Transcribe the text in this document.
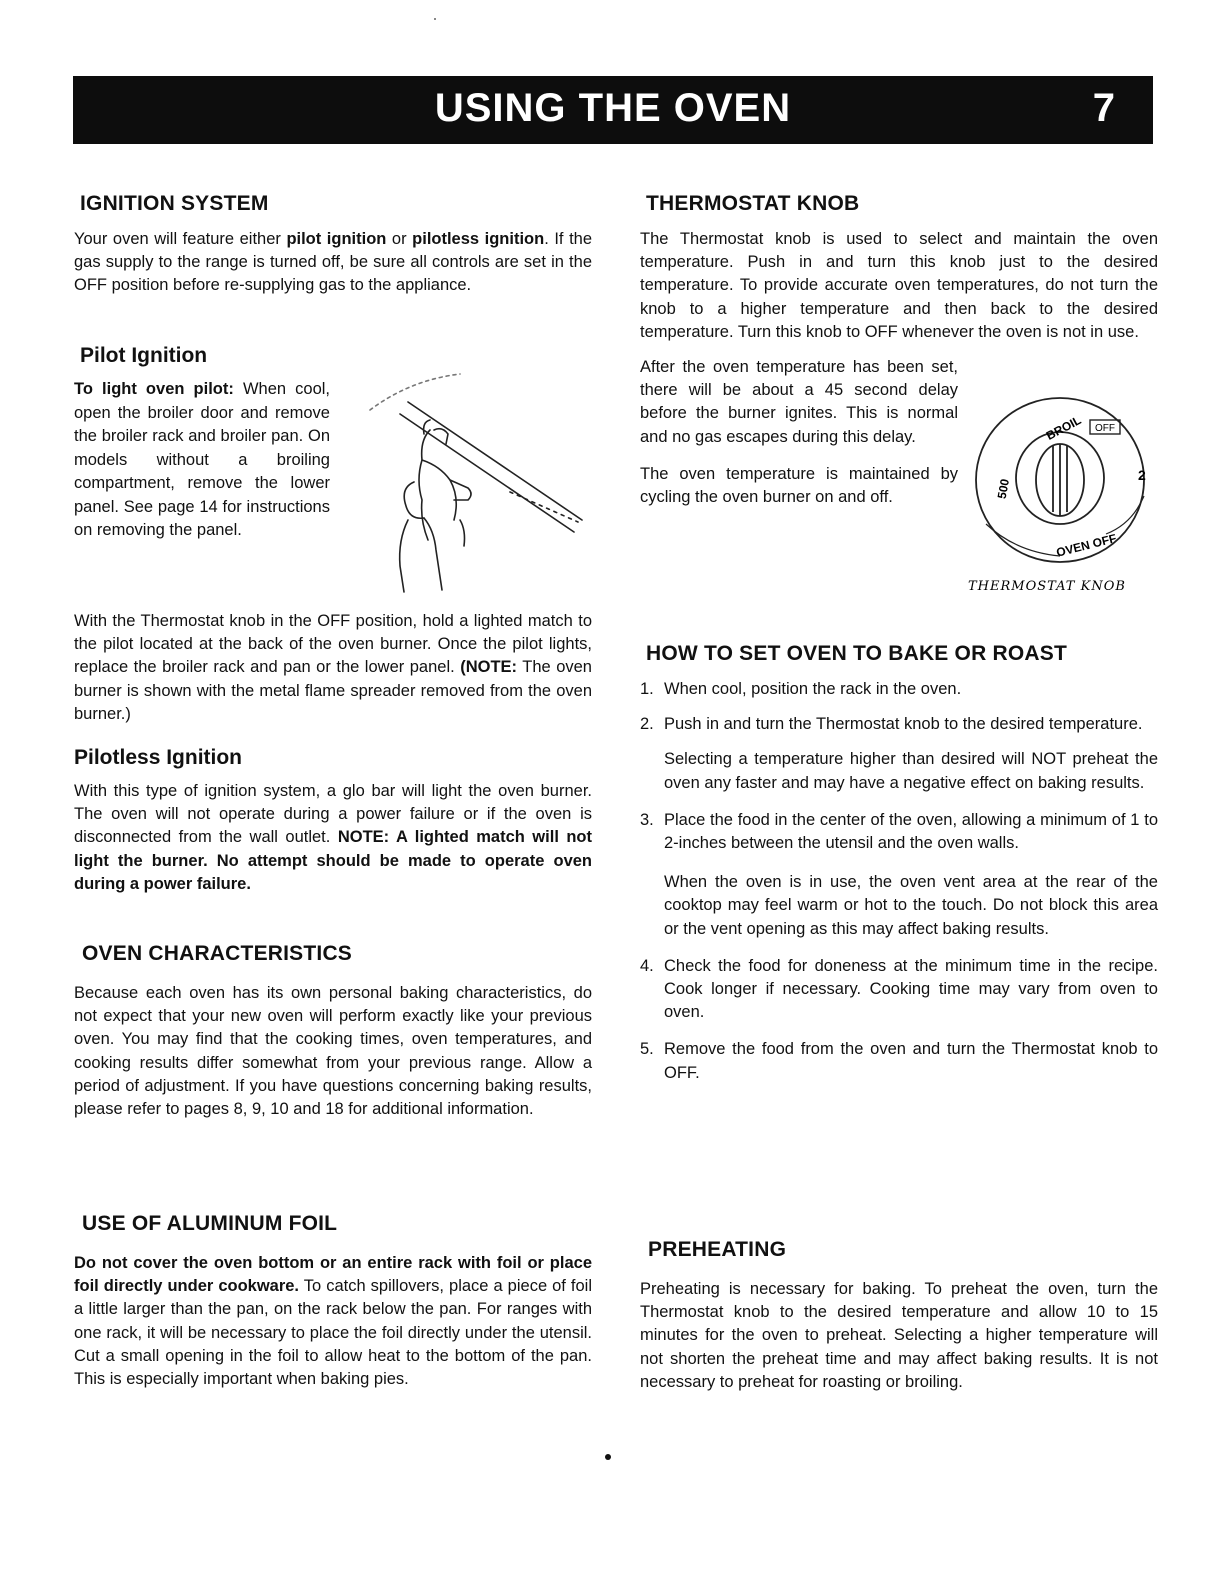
USING THE OVEN	7
IGNITION SYSTEM

Your oven will feature either pilot ignition or pilotless ignition. If the gas supply to the range is turned off, be sure all controls are set in the OFF position before re-supplying gas to the appliance.

Pilot Ignition

To light oven pilot: When cool, open the broiler door and remove the broiler rack and broiler pan. On models without a broiling compartment, remove the lower panel. See page 14 for instructions on removing the panel.

With the Thermostat knob in the OFF position, hold a lighted match to the pilot located at the back of the oven burner. Once the pilot lights, replace the broiler rack and pan or the lower panel. (NOTE: The oven burner is shown with the metal flame spreader removed from the oven burner.)

Pilotless Ignition

With this type of ignition system, a glo bar will light the oven burner. The oven will not operate during a power failure or if the oven is disconnected from the wall outlet. NOTE: A lighted match will not light the burner. No attempt should be made to operate oven during a power failure.

OVEN CHARACTERISTICS

Because each oven has its own personal baking characteristics, do not expect that your new oven will perform exactly like your previous oven. You may find that the cooking times, oven temperatures, and cooking results differ somewhat from your previous range. Allow a period of adjustment. If you have questions concerning baking results, please refer to pages 8, 9, 10 and 18 for additional information.

USE OF ALUMINUM FOIL

Do not cover the oven bottom or an entire rack with foil or place foil directly under cookware. To catch spillovers, place a piece of foil a little larger than the pan, on the rack below the pan. For ranges with one rack, it will be necessary to place the foil directly under the utensil. Cut a small opening in the foil to allow heat to the bottom of the pan. This is especially important when baking pies.

THERMOSTAT KNOB

The Thermostat knob is used to select and maintain the oven temperature. Push in and turn this knob just to the desired temperature. To provide accurate oven temperatures, do not turn the knob to a higher temperature and then back to the desired temperature. Turn this knob to OFF whenever the oven is not in use.

After the oven temperature has been set, there will be about a 45 second delay before the burner ignites. This is normal and no gas escapes during this delay.

The oven temperature is maintained by cycling the oven burner on and off.

OFF
BROIL
500
OVEN OFF
2
THERMOSTAT KNOB
HOW TO SET OVEN TO BAKE OR ROAST
1. When cool, position the rack in the oven.
2. Push in and turn the Thermostat knob to the desired temperature.

Selecting a temperature higher than desired will NOT preheat the oven any faster and may have a negative effect on baking results.

3. Place the food in the center of the oven, allowing a minimum of 1 to 2-inches between the utensil and the oven walls.

When the oven is in use, the oven vent area at the rear of the cooktop may feel warm or hot to the touch. Do not block this area or the vent opening as this may affect baking results.

4. Check the food for doneness at the minimum time in the recipe. Cook longer if necessary. Cooking time may vary from oven to oven.
5. Remove the food from the oven and turn the Thermostat knob to OFF.
PREHEATING

Preheating is necessary for baking. To preheat the oven, turn the Thermostat knob to the desired temperature and allow 10 to 15 minutes for the oven to preheat. Selecting a higher temperature will not shorten the preheat time and may affect baking results. It is not necessary to preheat for roasting or broiling.
